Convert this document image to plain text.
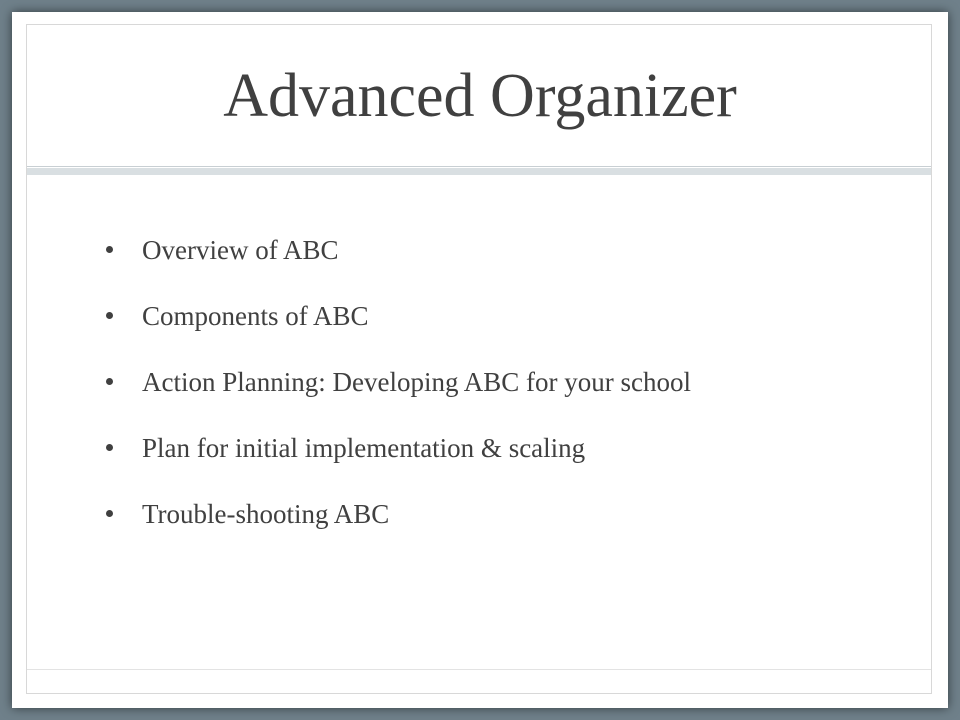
Advanced Organizer
Overview of ABC
Components of ABC
Action Planning: Developing ABC for your school
Plan for initial implementation & scaling
Trouble-shooting ABC
